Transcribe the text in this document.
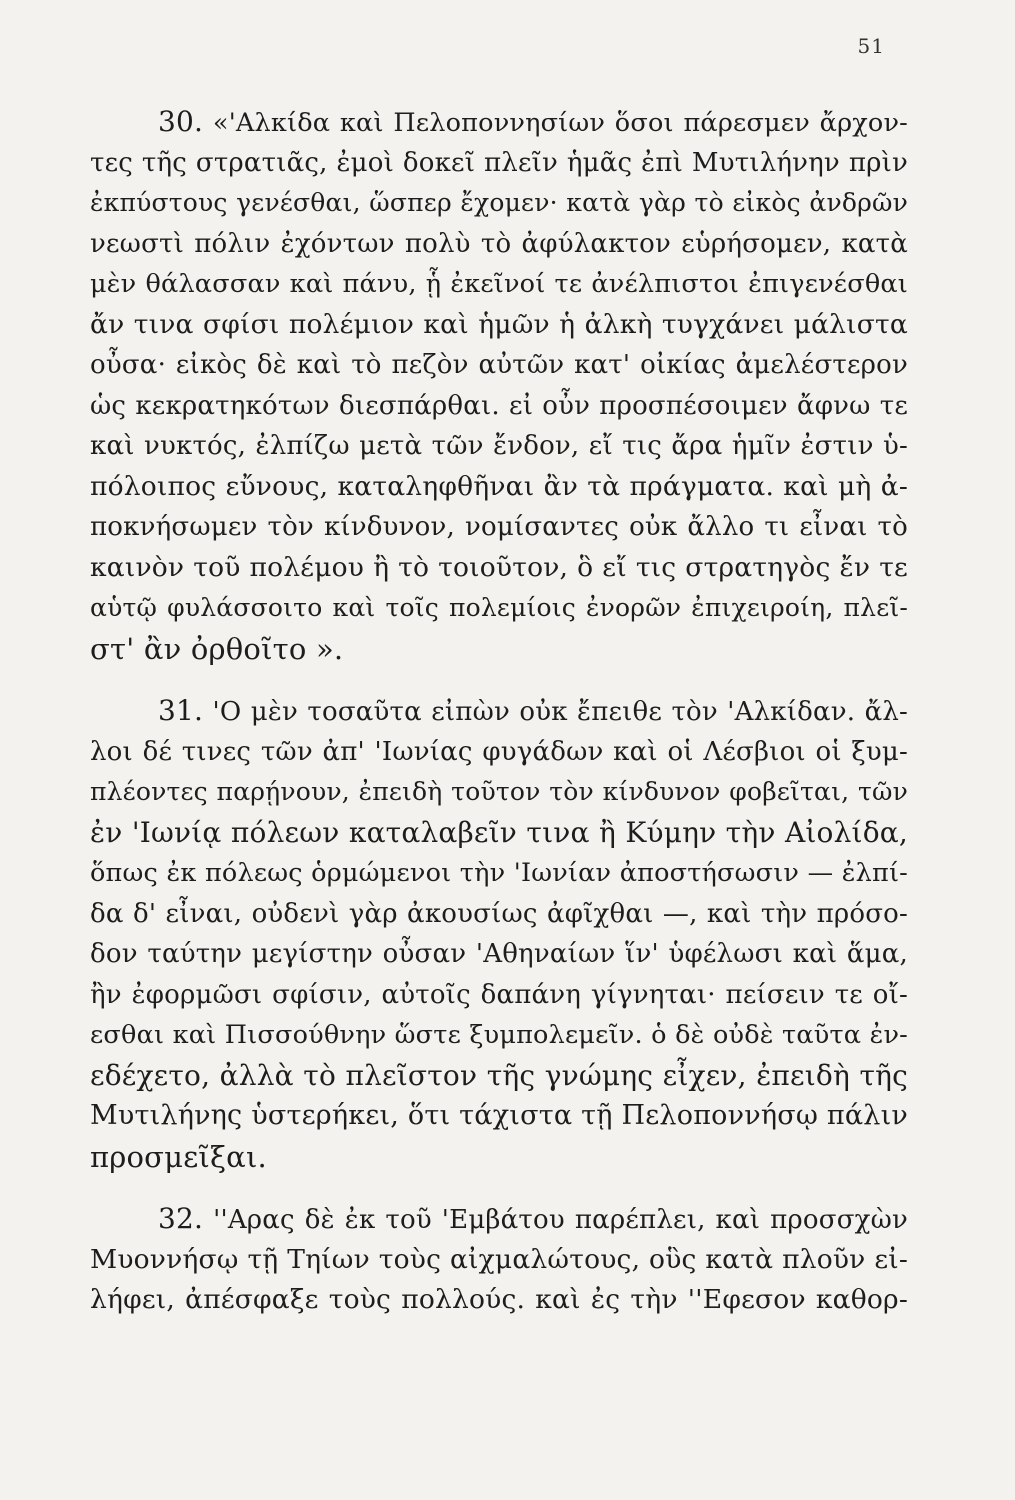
51
30. «'Αλκίδα καὶ Πελοποννησίων ὅσοι πάρεσμεν ἄρχον-
τες τῆς στρατιᾶς, ἐμοὶ δοκεῖ πλεῖν ἡμᾶς ἐπὶ Μυτιλήνην πρὶν
ἐκπύστους γενέσθαι, ὥσπερ ἔχομεν· κατὰ γὰρ τὸ εἰκὸς ἀνδρῶν
νεωστὶ πόλιν ἐχόντων πολὺ τὸ ἀφύλακτον εὑρήσομεν, κατὰ
μὲν θάλασσαν καὶ πάνυ, ᾗ ἐκεῖνοί τε ἀνέλπιστοι ἐπιγενέσθαι
ἄν τινα σφίσι πολέμιον καὶ ἡμῶν ἡ ἀλκὴ τυγχάνει μάλιστα
οὖσα· εἰκὸς δὲ καὶ τὸ πεζὸν αὐτῶν κατ' οἰκίας ἀμελέστερον
ὡς κεκρατηκότων διεσπάρθαι. εἰ οὖν προσπέσοιμεν ἄφνω τε
καὶ νυκτός, ἐλπίζω μετὰ τῶν ἔνδον, εἴ τις ἄρα ἡμῖν ἐστιν ὑ-
πόλοιπος εὔνους, καταληφθῆναι ἂν τὰ πράγματα. καὶ μὴ ἀ-
ποκνήσωμεν τὸν κίνδυνον, νομίσαντες οὐκ ἄλλο τι εἶναι τὸ
καινὸν τοῦ πολέμου ἢ τὸ τοιοῦτον, ὃ εἴ τις στρατηγὸς ἔν τε
αὑτῷ φυλάσσοιτο καὶ τοῖς πολεμίοις ἐνορῶν ἐπιχειροίη, πλεῖ-
στ' ἂν ὀρθοῖτο ».
31. 'Ο μὲν τοσαῦτα εἰπὼν οὐκ ἔπειθε τὸν 'Αλκίδαν. ἄλ-
λοι δέ τινες τῶν ἀπ' 'Ιωνίας φυγάδων καὶ οἱ Λέσβιοι οἱ ξυμ-
πλέοντες παρῄνουν, ἐπειδὴ τοῦτον τὸν κίνδυνον φοβεῖται, τῶν
ἐν 'Ιωνίᾳ πόλεων καταλαβεῖν τινα ἢ Κύμην τὴν Αἰολίδα,
ὅπως ἐκ πόλεως ὁρμώμενοι τὴν 'Ιωνίαν ἀποστήσωσιν — ἐλπί-
δα δ' εἶναι, οὐδενὶ γὰρ ἀκουσίως ἀφῖχθαι —, καὶ τὴν πρόσο-
δον ταύτην μεγίστην οὖσαν 'Αθηναίων ἵν' ὑφέλωσι καὶ ἅμα,
ἢν ἐφορμῶσι σφίσιν, αὐτοῖς δαπάνη γίγνηται· πείσειν τε οἴ-
εσθαι καὶ Πισσούθνην ὥστε ξυμπολεμεῖν. ὁ δὲ οὐδὲ ταῦτα ἐν-
εδέχετο, ἀλλὰ τὸ πλεῖστον τῆς γνώμης εἶχεν, ἐπειδὴ τῆς
Μυτιλήνης ὑστερήκει, ὅτι τάχιστα τῇ Πελοποννήσῳ πάλιν
προσμεῖξαι.
32. ''Αρας δὲ ἐκ τοῦ 'Εμβάτου παρέπλει, καὶ προσσχὼν
Μυοννήσῳ τῇ Τηίων τοὺς αἰχμαλώτους, οὓς κατὰ πλοῦν εἰ-
λήφει, ἀπέσφαξε τοὺς πολλούς. καὶ ἐς τὴν ''Εφεσον καθορ-
